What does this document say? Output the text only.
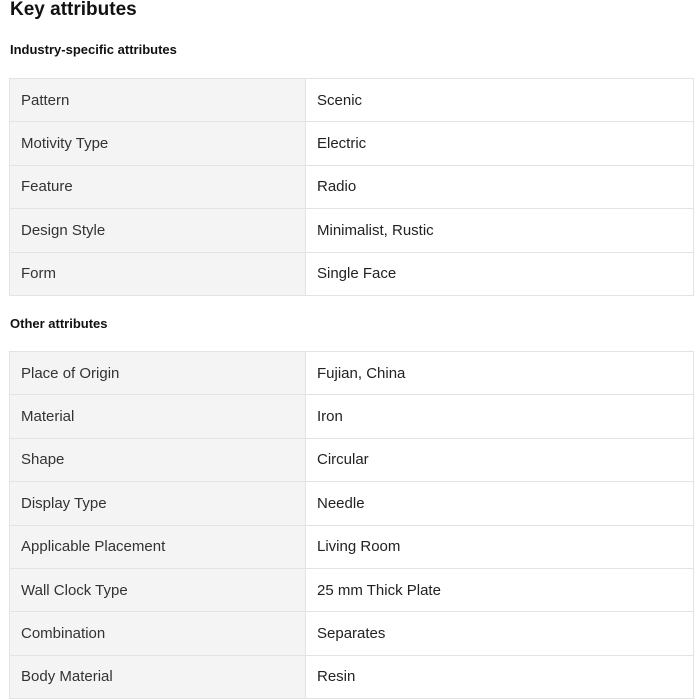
Key attributes
Industry-specific attributes
Pattern	Scenic
Motivity Type	Electric
Feature	Radio
Design Style	Minimalist, Rustic
Form	Single Face
Other attributes
Place of Origin	Fujian, China
Material	Iron
Shape	Circular
Display Type	Needle
Applicable Placement	Living Room
Wall Clock Type	25 mm Thick Plate
Combination	Separates
Body Material	Resin
